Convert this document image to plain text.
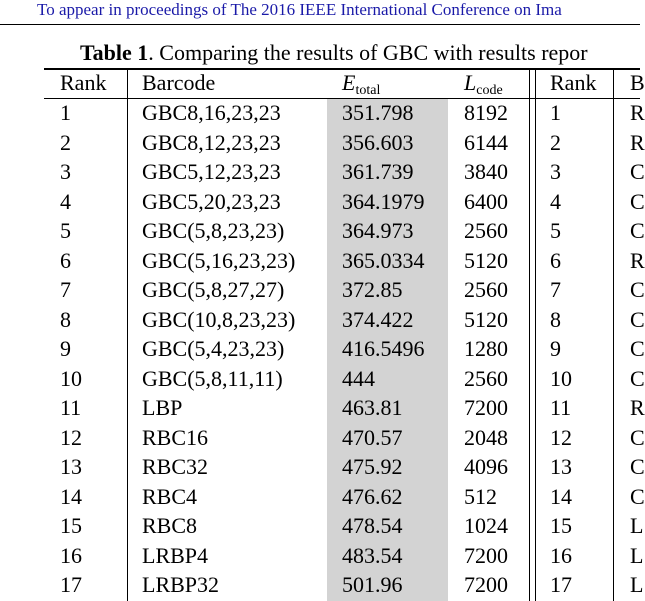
To appear in proceedings of The 2016 IEEE International Conference on Ima
Table 1. Comparing the results of GBC with results repor
Rank Barcode	$E_{total}$	$L_{code}$ Rank B
1	GBC8,16,23,23	351.798 8192 1	R
2	GBC8,12,23,23	356.603 6144 2	R
3	GBC5,12,23,23	361.739 3840 3	C
4	GBC5,20,23,23	364.1979 6400 4	C
5	GBC(5,8,23,23)	364.973 2560 5	C
6	GBC(5,16,23,23) 365.0334 5120 6	R
7	GBC(5,8,27,27)	372.85	2560 7	C
8	GBC(10,8,23,23) 374.422 5120 8	C
9	GBC(5,4,23,23)	416.5496 1280 9	C
10	GBC(5,8,11,11)	444	2560 10	C
11	LBP	463.81	7200 11	R
12	RBC16	470.57	2048 12	C
13	RBC32	475.92	4096 13	C
14	RBC4	476.62	512 14	C
15	RBC8	478.54	1024 15	L
16	LRBP4	483.54	7200 16	L
17	LRBP32	501.96	7200 17	L
